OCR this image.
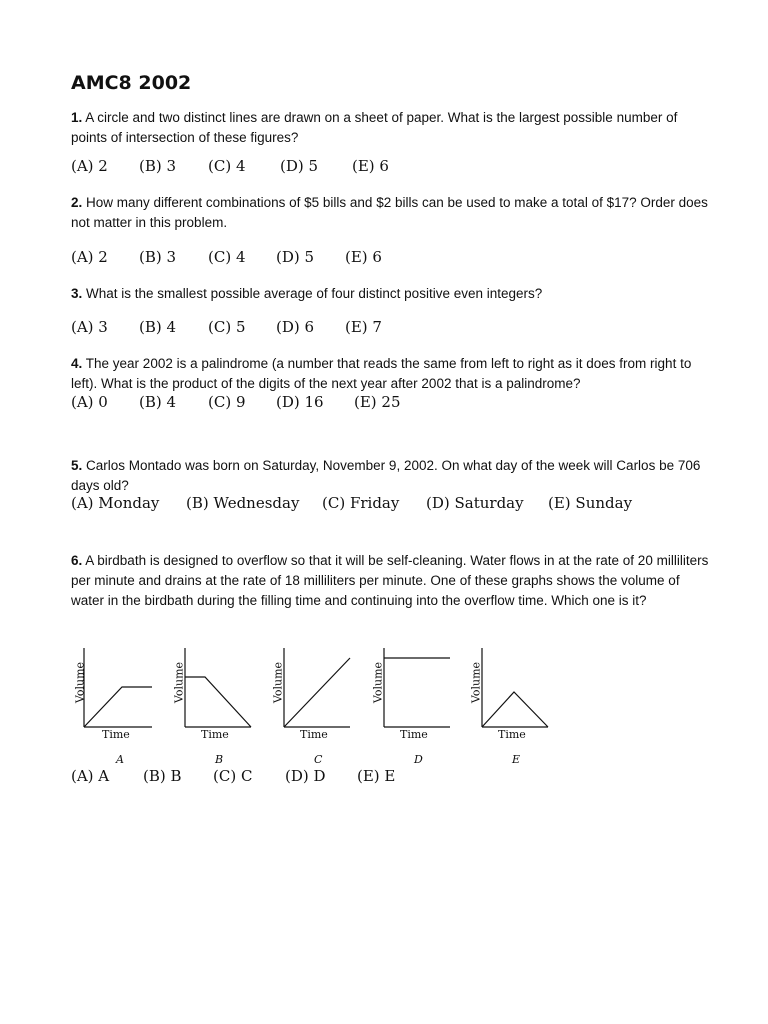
AMC8 2002
1. A circle and two distinct lines are drawn on a sheet of paper. What is the largest possible number of points of intersection of these figures?
(A) 2 (B) 3 (C) 4 (D) 5 (E) 6
2. How many different combinations of $5 bills and $2 bills can be used to make a total of $17? Order does not matter in this problem.
(A) 2 (B) 3 (C) 4 (D) 5 (E) 6
3. What is the smallest possible average of four distinct positive even integers?
(A) 3 (B) 4 (C) 5 (D) 6 (E) 7
4. The year 2002 is a palindrome (a number that reads the same from left to right as it does from right to left). What is the product of the digits of the next year after 2002 that is a palindrome?
(A) 0 (B) 4 (C) 9 (D) 16 (E) 25
5. Carlos Montado was born on Saturday, November 9, 2002. On what day of the week will Carlos be 706 days old?
(A) Monday (B) Wednesday (C) Friday (D) Saturday (E) Sunday
6. A birdbath is designed to overflow so that it will be self-cleaning. Water flows in at the rate of 20 milliliters per minute and drains at the rate of 18 milliliters per minute. One of these graphs shows the volume of water in the birdbath during the filling time and continuing into the overflow time. Which one is it?
Volume
Time
A
Volume
Time
B
Volume
Time
C
Volume
Time
D
Volume
Time
E
(A) A (B) B (C) C (D) D (E) E
